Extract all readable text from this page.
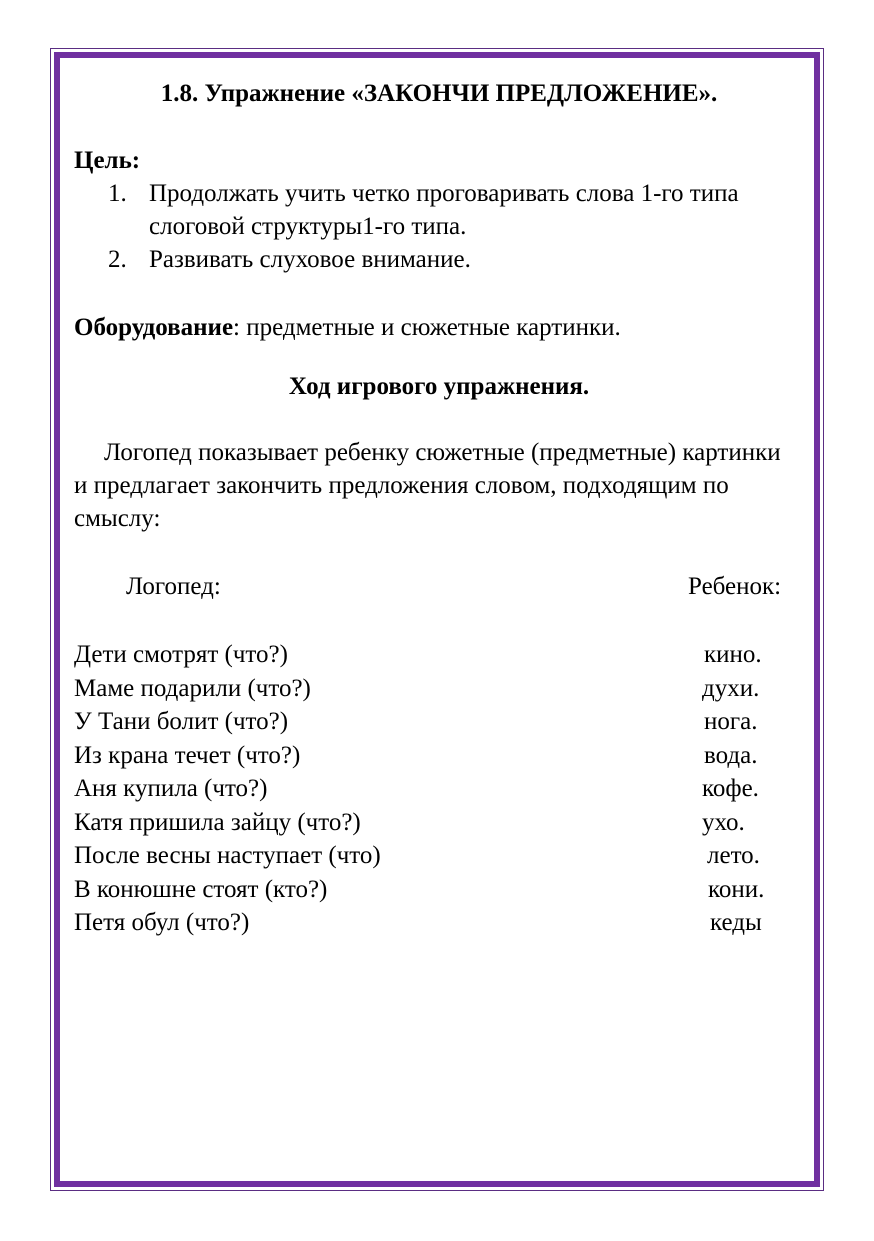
1.8. Упражнение «ЗАКОНЧИ ПРЕДЛОЖЕНИЕ».
Цель:
1. Продолжать учить четко проговаривать слова 1-го типа слоговой структуры1-го типа.
2. Развивать слуховое внимание.
Оборудование: предметные и сюжетные картинки.
Ход игрового упражнения.
Логопед показывает ребенку сюжетные (предметные) картинки и предлагает закончить предложения словом, подходящим по смыслу:
Логопед:	Ребенок:
Дети смотрят (что?)	кино.
Маме подарили (что?)	духи.
У Тани болит (что?)	нога.
Из крана течет (что?)	вода.
Аня купила (что?)	кофе.
Катя пришила зайцу (что?)	ухо.
После весны наступает (что)	лето.
В конюшне стоят (кто?)	кони.
Петя обул (что?)	кеды
